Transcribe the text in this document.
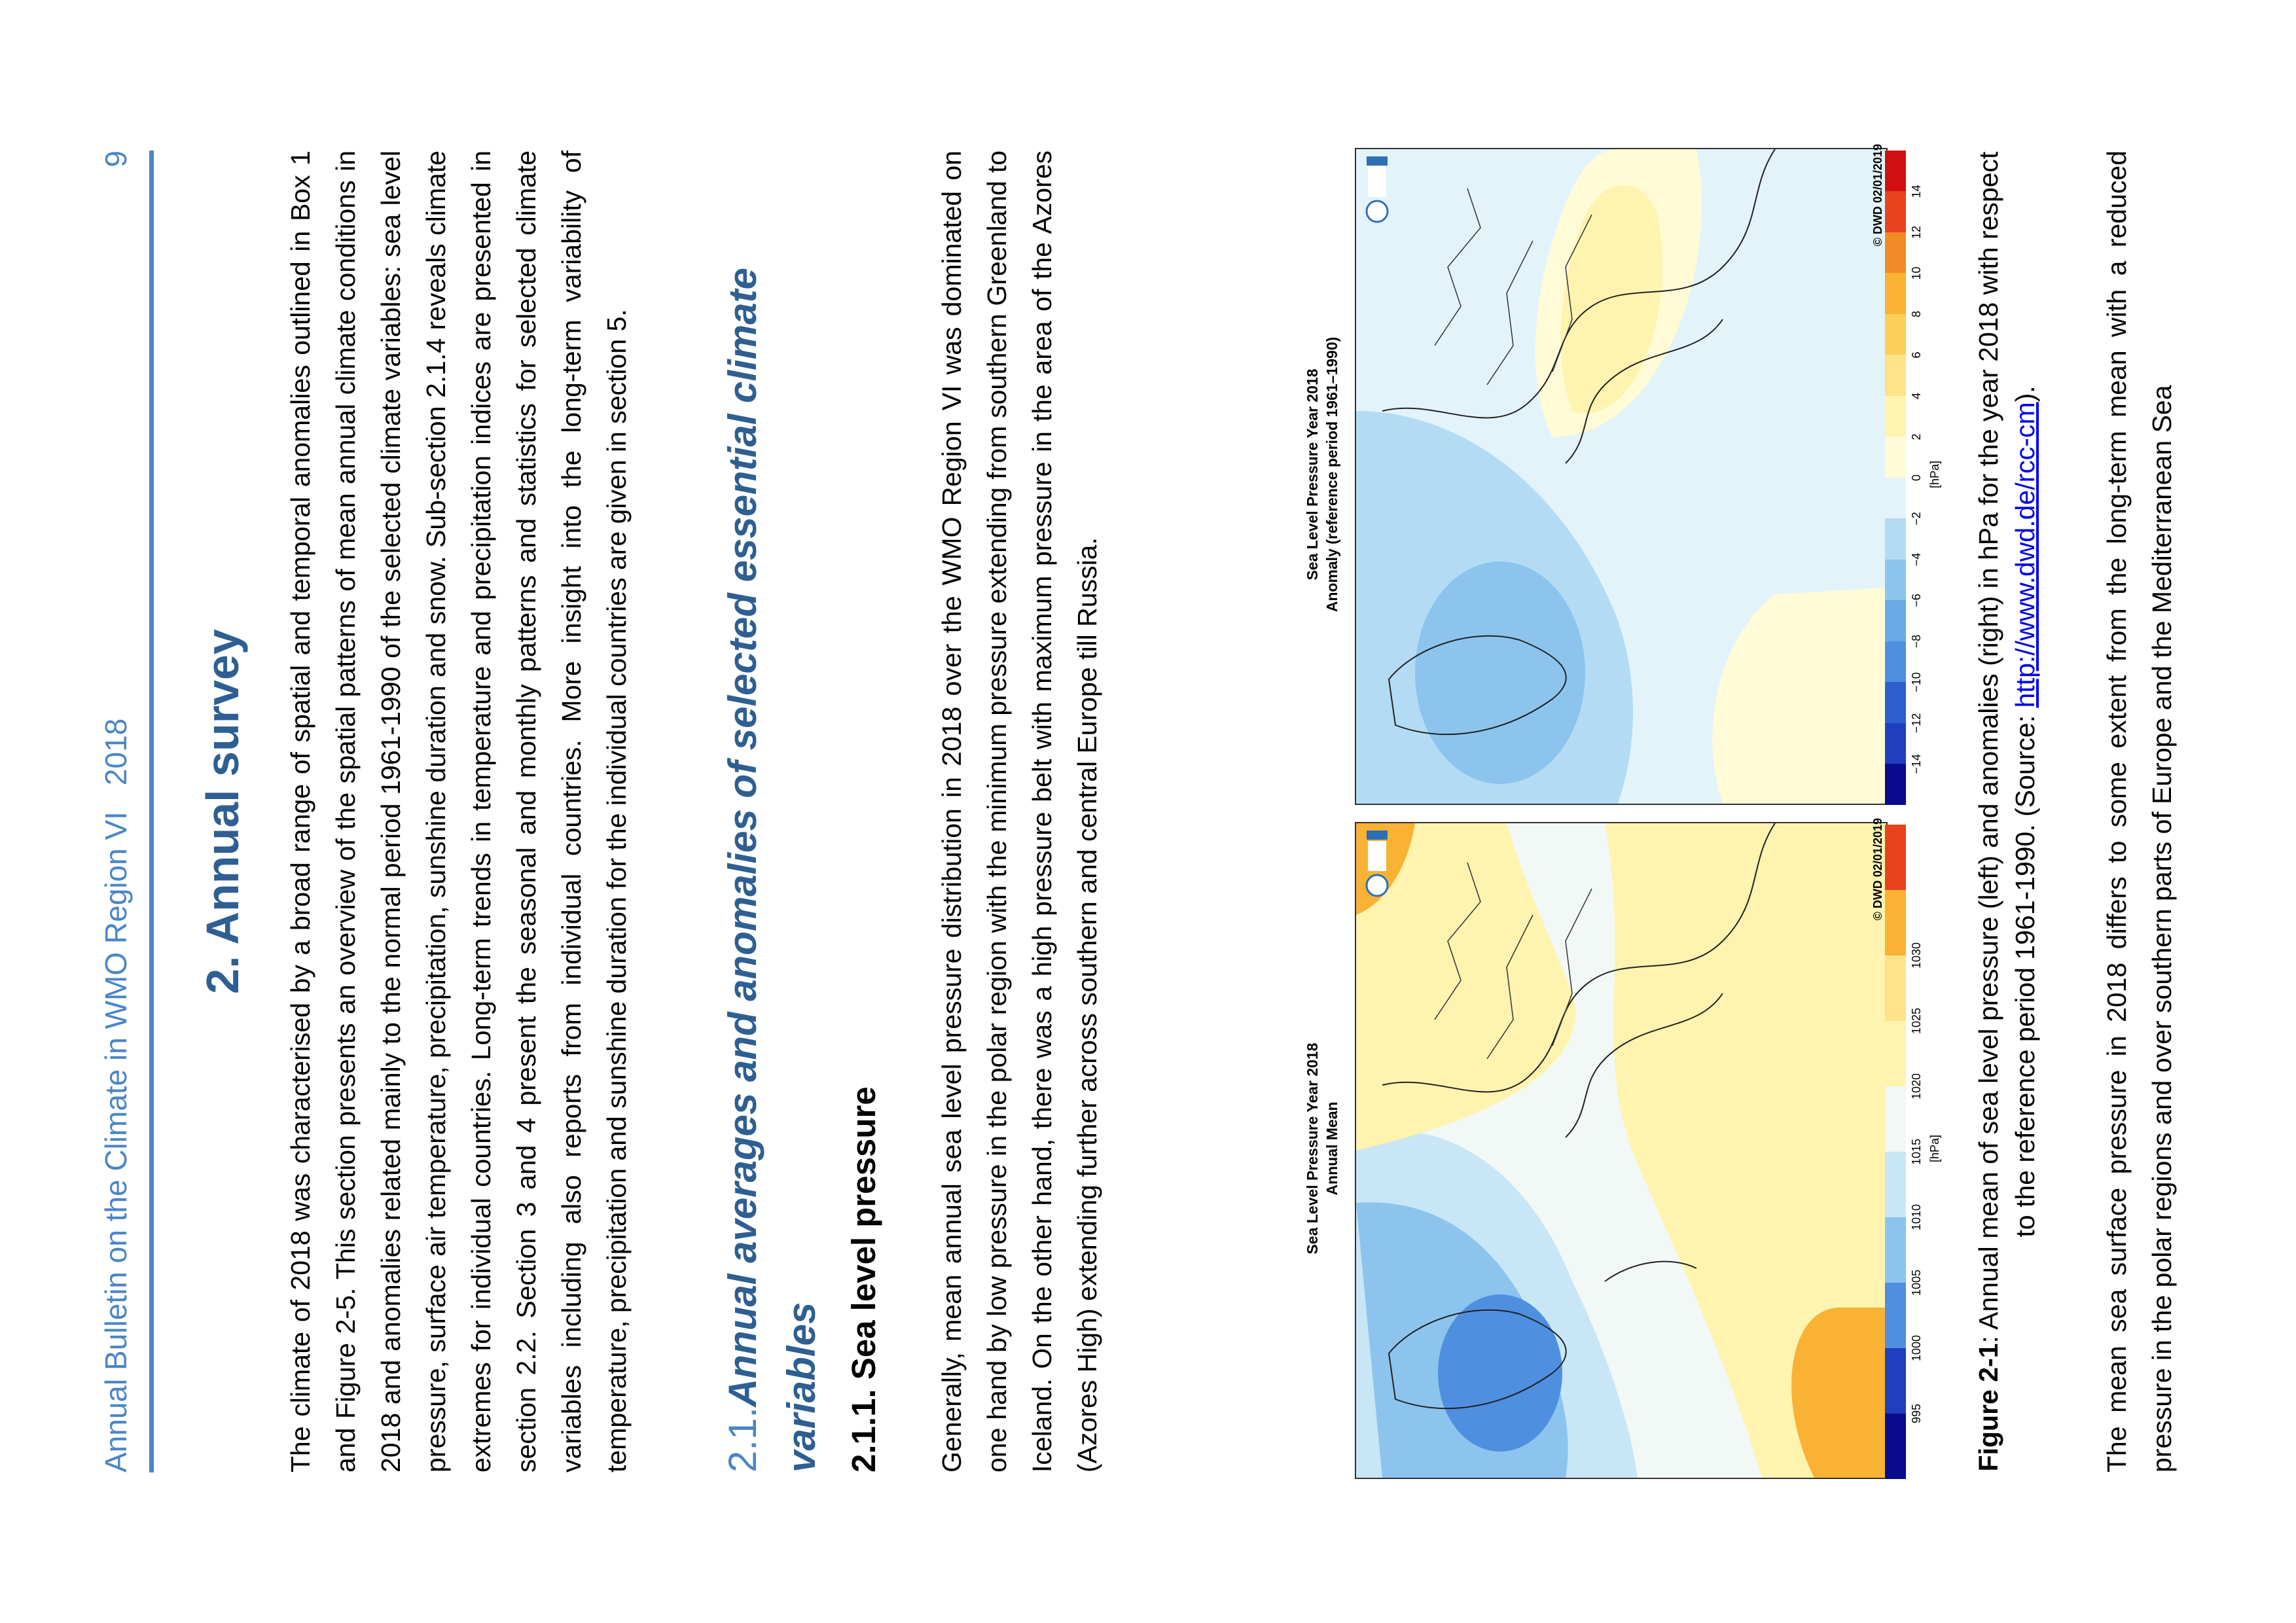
Annual Bulletin on the Climate in WMO Region VI2018
9
2. Annual survey The climate of 2018 was characterised by a broad range of spatial and temporal anomalies outlined in Box 1 and Figure 2-5. This section presents an overview of the spatial patterns of mean annual climate conditions in 2018 and anomalies related mainly to the normal period 1961-1990 of the selected climate variables: sea level pressure, surface air temperature, precipitation, sunshine duration and snow. Sub-section 2.1.4 reveals climate extremes for individual countries. Long-term trends in temperature and precipitation indices are presented in section 2.2. Section 3 and 4 present the seasonal and monthly patterns and statistics for selected climate variables including also reports from individual countries. More insight into the long-term variability of temperature, precipitation and sunshine duration for the individual countries are given in section 5. 2.1.Annual averages and anomalies of selected essential climate variables 2.1.1. Sea level pressure Generally, mean annual sea level pressure distribution in 2018 over the WMO Region VI was dominated on one hand by low pressure in the polar region with the minimum pressure extending from southern Greenland to Iceland. On the other hand, there was a high pressure belt with maximum pressure in the area of the Azores (Azores High) extending further across southern and central Europe till Russia.	Sea Level Pressure Year 2018 Annual Mean
995
1000
1005
1010
1015
1020
1025
1030
[hPa]
© DWD 02/01/2019

Figure 2-1: Annual mean of sea level pressure (left) and anomalies (right) in hPa for the year 2018 with respect to the reference period 1961-1990. (Source: http://www.dwd.de/rcc-cm). The mean sea surface pressure in 2018 differs to some extent from the long-term mean with a reduced pressure in the polar regions and over southern parts of Europe and the Mediterranean Sea

Sea Level Pressure Year 2018 Anomaly (reference period 1961–1990)
−14
−12
−10
−8
−6
−4
−2
0
2
4
6
8
10
12
14
[hPa]
© DWD 02/01/2019
